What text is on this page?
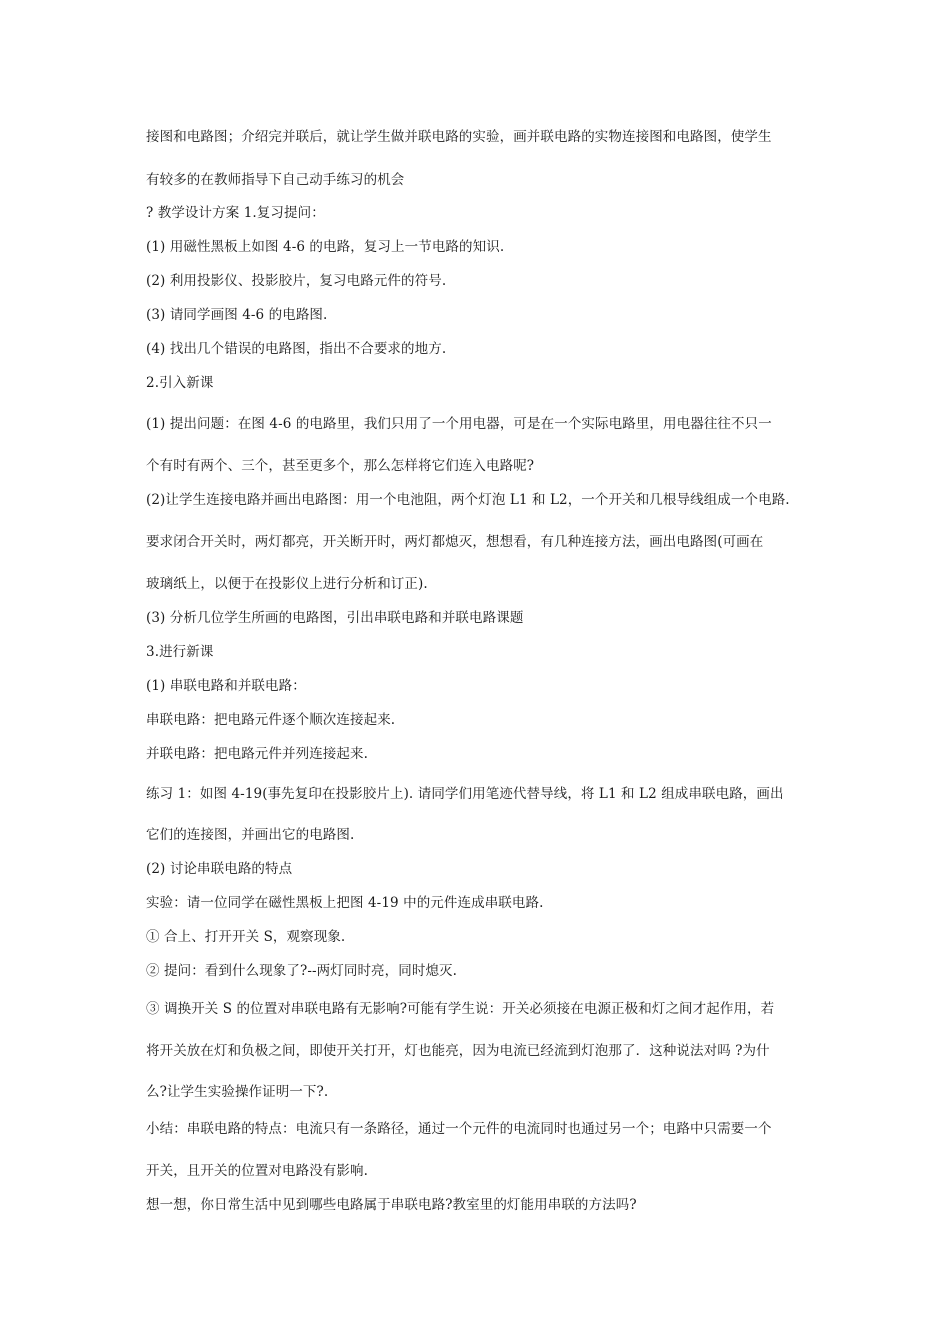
接图和电路图；介绍完并联后，就让学生做并联电路的实验，画并联电路的实物连接图和电路图，使学生
有较多的在教师指导下自己动手练习的机会
? 教学设计方案 1.复习提问：
(1) 用磁性黑板上如图 4-6 的电路，复习上一节电路的知识.
(2) 利用投影仪、投影胶片，复习电路元件的符号.
(3) 请同学画图 4-6 的电路图.
(4) 找出几个错误的电路图，指出不合要求的地方.
2.引入新课
(1) 提出问题：在图 4-6 的电路里，我们只用了一个用电器，可是在一个实际电路里，用电器往往不只一
个有时有两个、三个，甚至更多个，那么怎样将它们连入电路呢?
(2)让学生连接电路并画出电路图：用一个电池阻，两个灯泡 L1 和 L2，一个开关和几根导线组成一个电路.
要求闭合开关时，两灯都亮，开关断开时，两灯都熄灭，想想看，有几种连接方法，画出电路图(可画在
玻璃纸上，以便于在投影仪上进行分析和订正).
(3) 分析几位学生所画的电路图，引出串联电路和并联电路课题
3.进行新课
(1) 串联电路和并联电路：
串联电路：把电路元件逐个顺次连接起来.
并联电路：把电路元件并列连接起来.
练习 1：如图 4-19(事先复印在投影胶片上). 请同学们用笔迹代替导线，将 L1 和 L2 组成串联电路，画出
它们的连接图，并画出它的电路图.
(2) 讨论串联电路的特点
实验：请一位同学在磁性黑板上把图 4-19 中的元件连成串联电路.
① 合上、打开开关 S，观察现象.
② 提问：看到什么现象了?--两灯同时亮，同时熄灭.
③ 调换开关 S 的位置对串联电路有无影响?可能有学生说：开关必须接在电源正极和灯之间才起作用，若
将开关放在灯和负极之间，即使开关打开，灯也能亮，因为电流已经流到灯泡那了．这种说法对吗 ?为什
么?让学生实验操作证明一下?.
小结：串联电路的特点：电流只有一条路径，通过一个元件的电流同时也通过另一个；电路中只需要一个
开关，且开关的位置对电路没有影响.
想一想，你日常生活中见到哪些电路属于串联电路?教室里的灯能用串联的方法吗?
